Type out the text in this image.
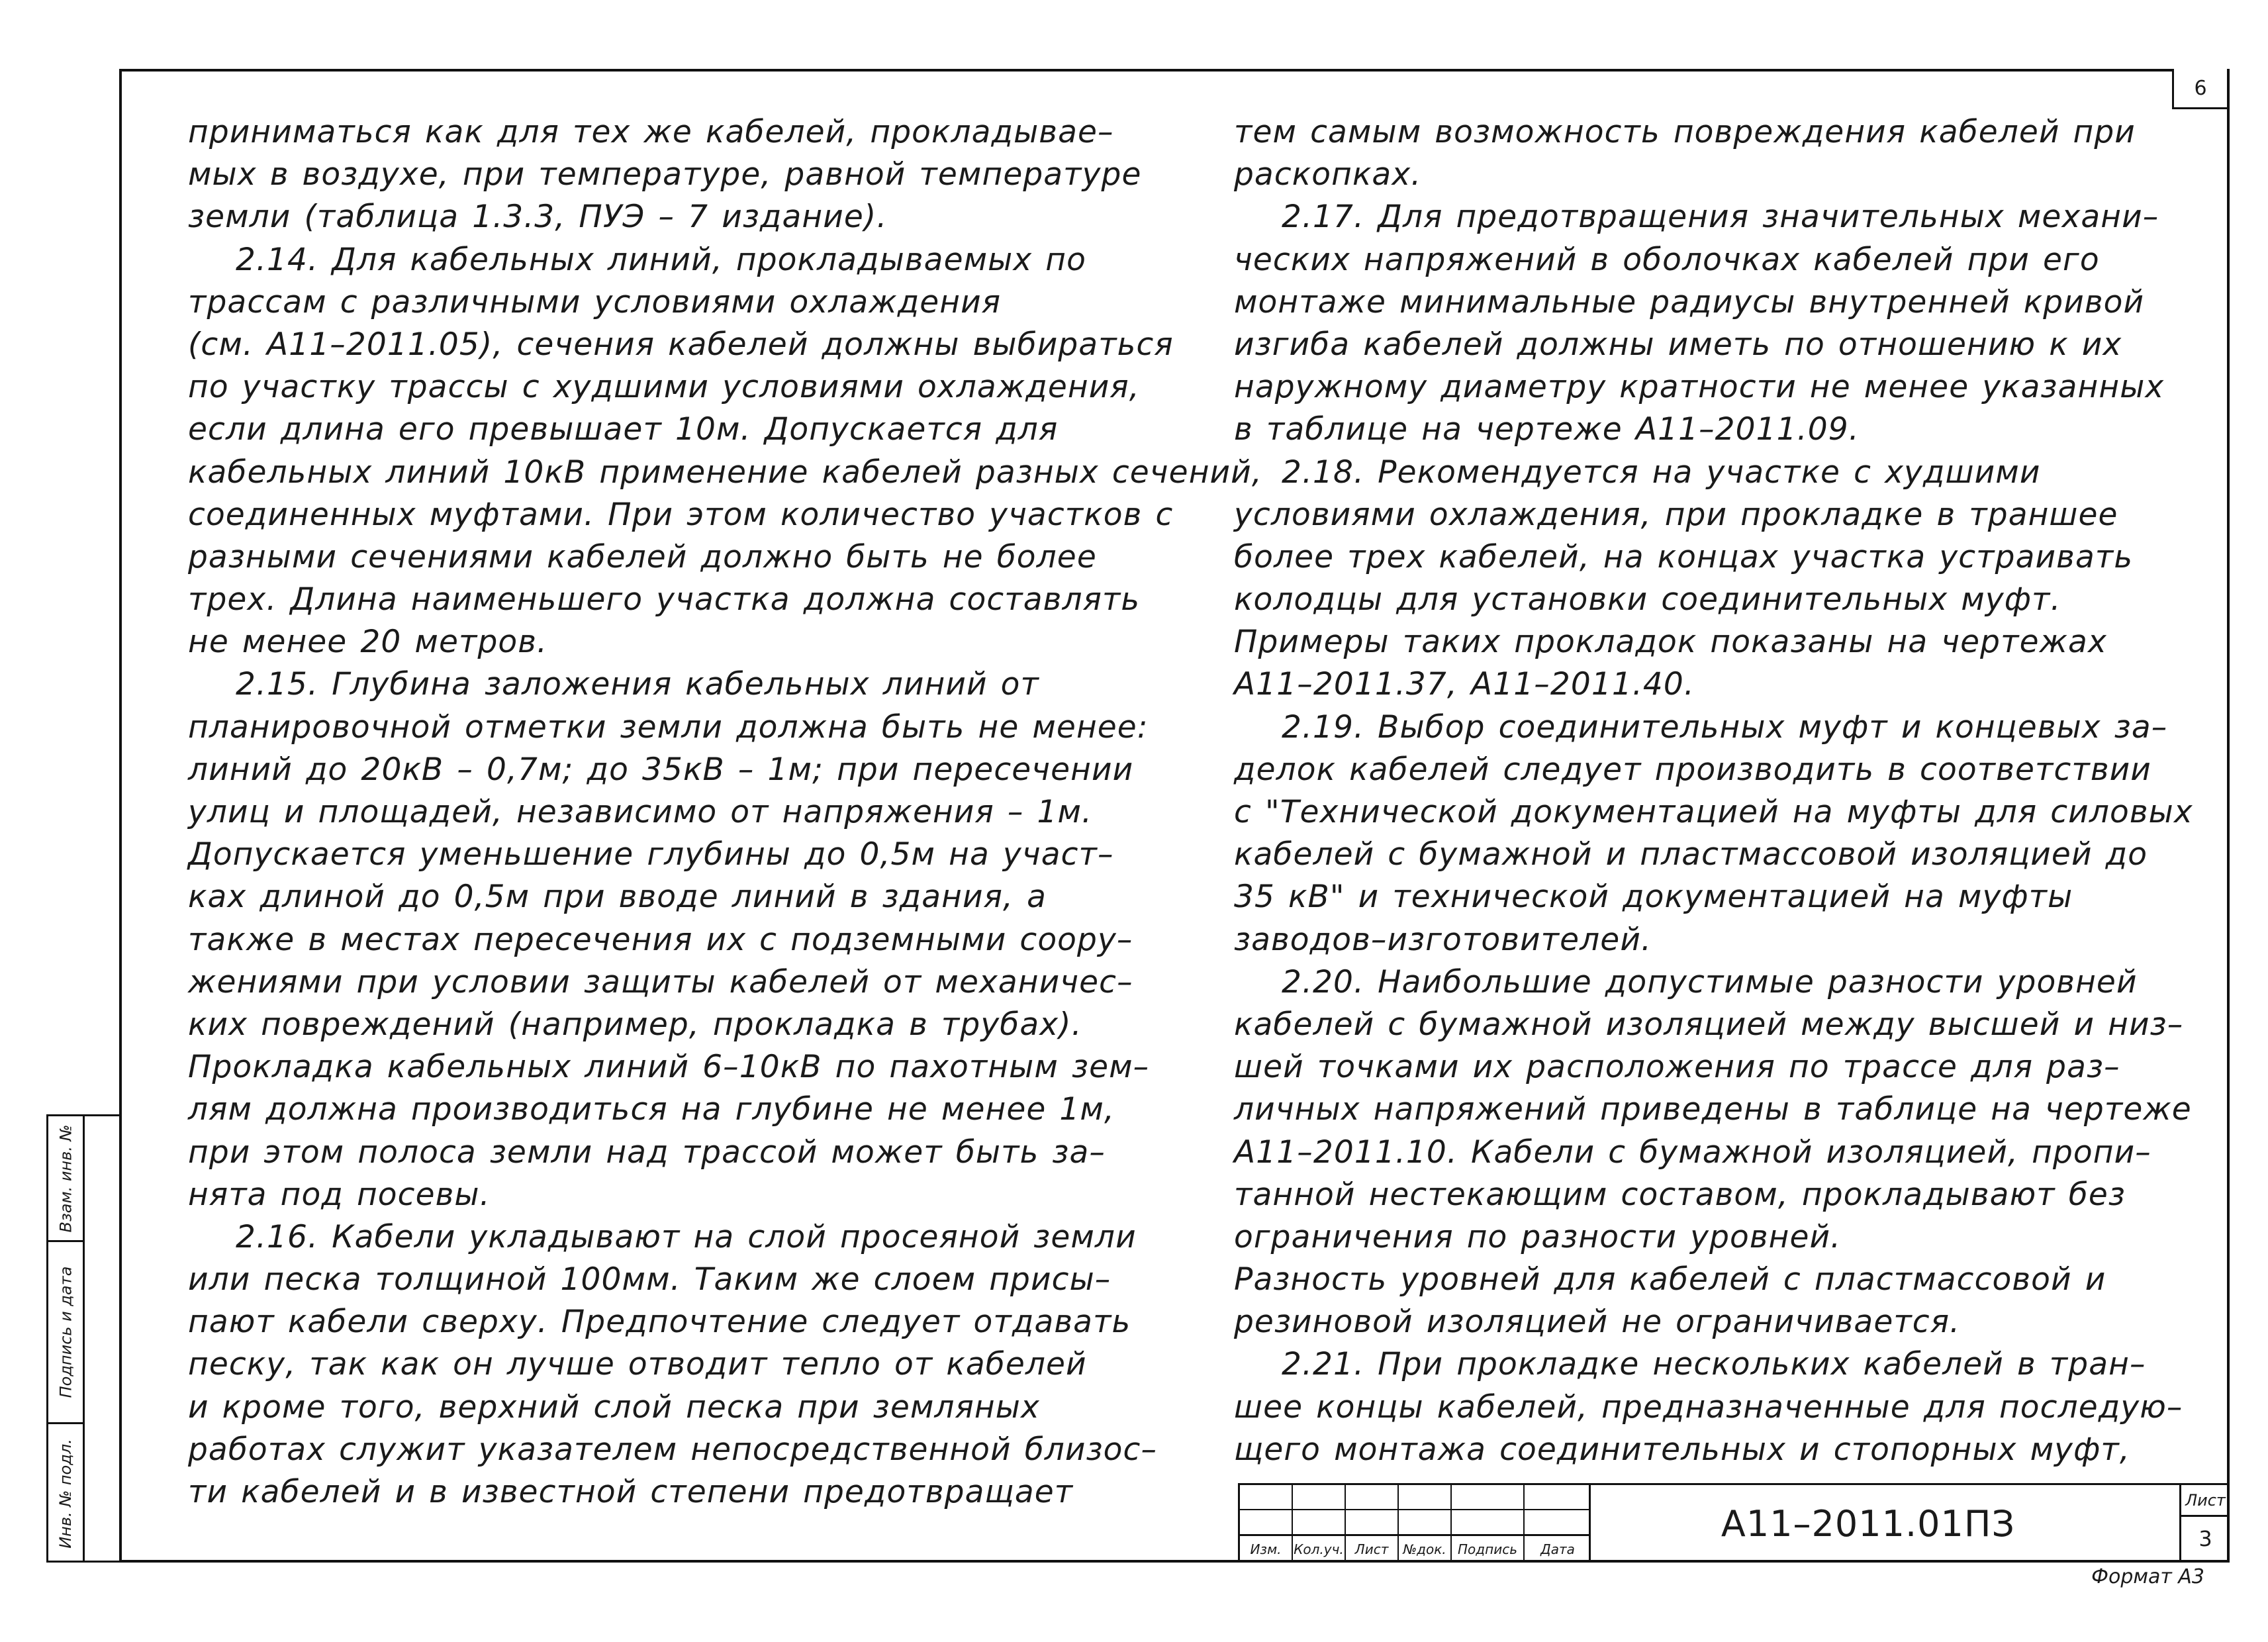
6
приниматься как для тех же кабелей, прокладывае–
мых в воздухе, при температуре, равной температуре
земли (таблица 1.3.3, ПУЭ – 7 издание).
2.14. Для кабельных линий, прокладываемых по
трассам с различными условиями охлаждения
(см. А11–2011.05), сечения кабелей должны выбираться
по участку трассы с худшими условиями охлаждения,
если длина его превышает 10м. Допускается для
кабельных линий 10кВ применение кабелей разных сечений,
соединенных муфтами. При этом количество участков с
разными сечениями кабелей должно быть не более
трех. Длина наименьшего участка должна составлять
не менее 20 метров.
2.15. Глубина заложения кабельных линий от
планировочной отметки земли должна быть не менее:
линий до 20кВ – 0,7м; до 35кВ – 1м; при пересечении
улиц и площадей, независимо от напряжения – 1м.
Допускается уменьшение глубины до 0,5м на участ–
ках длиной до 0,5м при вводе линий в здания, а
также в местах пересечения их с подземными соору–
жениями при условии защиты кабелей от механичес–
ких повреждений (например, прокладка в трубах).
Прокладка кабельных линий 6–10кВ по пахотным зем–
лям должна производиться на глубине не менее 1м,
при этом полоса земли над трассой может быть за–
нята под посевы.
2.16. Кабели укладывают на слой просеяной земли
или песка толщиной 100мм. Таким же слоем присы–
пают кабели сверху. Предпочтение следует отдавать
песку, так как он лучше отводит тепло от кабелей
и кроме того, верхний слой песка при земляных
работах служит указателем непосредственной близос–
ти кабелей и в известной степени предотвращает
тем самым возможность повреждения кабелей при
раскопках.
2.17. Для предотвращения значительных механи–
ческих напряжений в оболочках кабелей при его
монтаже минимальные радиусы внутренней кривой
изгиба кабелей должны иметь по отношению к их
наружному диаметру кратности не менее указанных
в таблице на чертеже А11–2011.09.
2.18. Рекомендуется на участке с худшими
условиями охлаждения, при прокладке в траншее
более трех кабелей, на концах участка устраивать
колодцы для установки соединительных муфт.
Примеры таких прокладок показаны на чертежах
А11–2011.37, А11–2011.40.
2.19. Выбор соединительных муфт и концевых за–
делок кабелей следует производить в соответствии
с "Технической документацией на муфты для силовых
кабелей с бумажной и пластмассовой изоляцией до
35 кВ" и технической документацией на муфты
заводов–изготовителей.
2.20. Наибольшие допустимые разности уровней
кабелей с бумажной изоляцией между высшей и низ–
шей точками их расположения по трассе для раз–
личных напряжений приведены в таблице на чертеже
А11–2011.10. Кабели с бумажной изоляцией, пропи–
танной нестекающим составом, прокладывают без
ограничения по разности уровней.
Разность уровней для кабелей с пластмассовой и
резиновой изоляцией не ограничивается.
2.21. При прокладке нескольких кабелей в тран–
шее концы кабелей, предназначенные для последую–
щего монтажа соединительных и стопорных муфт,
Взам. инв. №
Подпись и дата
Инв. № подл.
Изм. Кол.уч. Лист	№док. Подпись	Дата
А11–2011.01ПЗ
Лист
3
Формат А3
